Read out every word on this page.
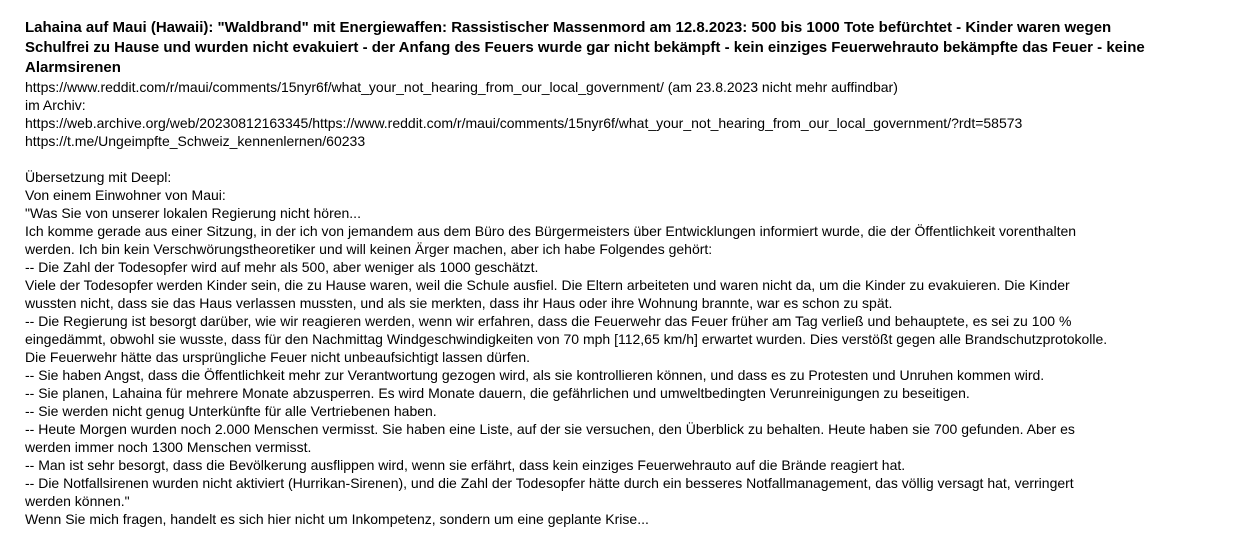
Lahaina auf Maui (Hawaii): "Waldbrand" mit Energiewaffen: Rassistischer Massenmord am 12.8.2023: 500 bis 1000 Tote befürchtet - Kinder waren wegen
Schulfrei zu Hause und wurden nicht evakuiert - der Anfang des Feuers wurde gar nicht bekämpft - kein einziges Feuerwehrauto bekämpfte das Feuer - keine
Alarmsirenen
https://www.reddit.com/r/maui/comments/15nyr6f/what_your_not_hearing_from_our_local_government/ (am 23.8.2023 nicht mehr auffindbar)
im Archiv:
https://web.archive.org/web/20230812163345/https://www.reddit.com/r/maui/comments/15nyr6f/what_your_not_hearing_from_our_local_government/?rdt=58573
https://t.me/Ungeimpfte_Schweiz_kennenlernen/60233

Übersetzung mit Deepl:
Von einem Einwohner von Maui:
"Was Sie von unserer lokalen Regierung nicht hören...
Ich komme gerade aus einer Sitzung, in der ich von jemandem aus dem Büro des Bürgermeisters über Entwicklungen informiert wurde, die der Öffentlichkeit vorenthalten
werden. Ich bin kein Verschwörungstheoretiker und will keinen Ärger machen, aber ich habe Folgendes gehört:
-- Die Zahl der Todesopfer wird auf mehr als 500, aber weniger als 1000 geschätzt.
Viele der Todesopfer werden Kinder sein, die zu Hause waren, weil die Schule ausfiel. Die Eltern arbeiteten und waren nicht da, um die Kinder zu evakuieren. Die Kinder
wussten nicht, dass sie das Haus verlassen mussten, und als sie merkten, dass ihr Haus oder ihre Wohnung brannte, war es schon zu spät.
-- Die Regierung ist besorgt darüber, wie wir reagieren werden, wenn wir erfahren, dass die Feuerwehr das Feuer früher am Tag verließ und behauptete, es sei zu 100 %
eingedämmt, obwohl sie wusste, dass für den Nachmittag Windgeschwindigkeiten von 70 mph [112,65 km/h] erwartet wurden. Dies verstößt gegen alle Brandschutzprotokolle.
Die Feuerwehr hätte das ursprüngliche Feuer nicht unbeaufsichtigt lassen dürfen.
-- Sie haben Angst, dass die Öffentlichkeit mehr zur Verantwortung gezogen wird, als sie kontrollieren können, und dass es zu Protesten und Unruhen kommen wird.
-- Sie planen, Lahaina für mehrere Monate abzusperren. Es wird Monate dauern, die gefährlichen und umweltbedingten Verunreinigungen zu beseitigen.
-- Sie werden nicht genug Unterkünfte für alle Vertriebenen haben.
-- Heute Morgen wurden noch 2.000 Menschen vermisst. Sie haben eine Liste, auf der sie versuchen, den Überblick zu behalten. Heute haben sie 700 gefunden. Aber es
werden immer noch 1300 Menschen vermisst.
-- Man ist sehr besorgt, dass die Bevölkerung ausflippen wird, wenn sie erfährt, dass kein einziges Feuerwehrauto auf die Brände reagiert hat.
-- Die Notfallsirenen wurden nicht aktiviert (Hurrikan-Sirenen), und die Zahl der Todesopfer hätte durch ein besseres Notfallmanagement, das völlig versagt hat, verringert
werden können."
Wenn Sie mich fragen, handelt es sich hier nicht um Inkompetenz, sondern um eine geplante Krise...
